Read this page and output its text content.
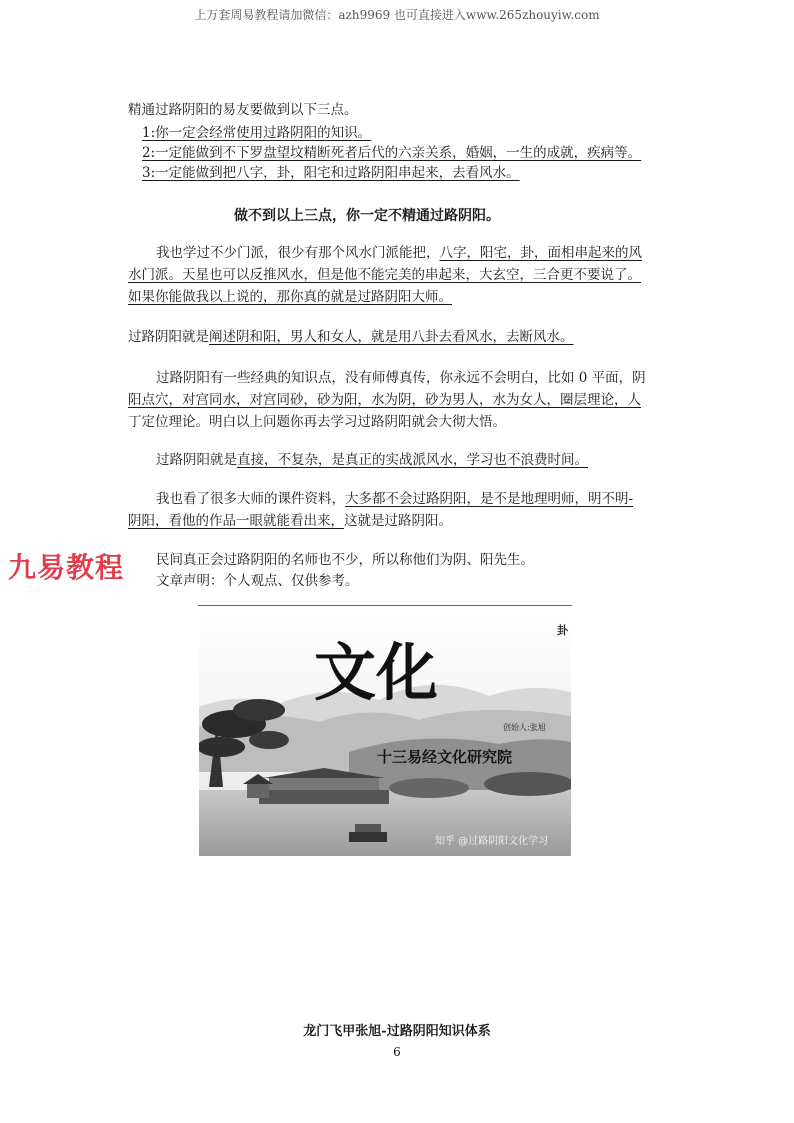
上万套周易教程请加微信：azh9969 也可直接进入www.265zhouyiw.com
精通过路阴阳的易友要做到以下三点。
1:你一定会经常使用过路阴阳的知识。
2:一定能做到不下罗盘望坟精断死者后代的六亲关系，婚姻，一生的成就，疾病等。
3:一定能做到把八字，卦，阳宅和过路阴阳串起来，去看风水。
做不到以上三点，你一定不精通过路阴阳。
我也学过不少门派，很少有那个风水门派能把，八字，阳宅，卦，面相串起来的风
水门派。天星也可以反推风水，但是他不能完美的串起来，大玄空，三合更不要说了。
如果你能做我以上说的，那你真的就是过路阴阳大师。
过路阴阳就是阐述阴和阳，男人和女人，就是用八卦去看风水，去断风水。
过路阴阳有一些经典的知识点，没有师傅真传，你永远不会明白，比如 0 平面，阴
阳点穴，对宫同水，对宫同砂，砂为阳，水为阴，砂为男人，水为女人，圈层理论，人
丁定位理论。明白以上问题你再去学习过路阴阳就会大彻大悟。
过路阴阳就是直接，不复杂，是真正的实战派风水，学习也不浪费时间。
我也看了很多大师的课件资料，大多都不会过路阴阳，是不是地理明师，明不明-
阴阳，看他的作品一眼就能看出来，这就是过路阴阳。
九易教程 民间真正会过路阴阳的名师也不少，所以称他们为阴、阳先生。
文章声明：个人观点、仅供参考。
文化
卦
创始人:张旭
十三易经文化研究院
知乎 @过路阴阳文化学习
龙门飞甲张旭-过路阴阳知识体系
6
